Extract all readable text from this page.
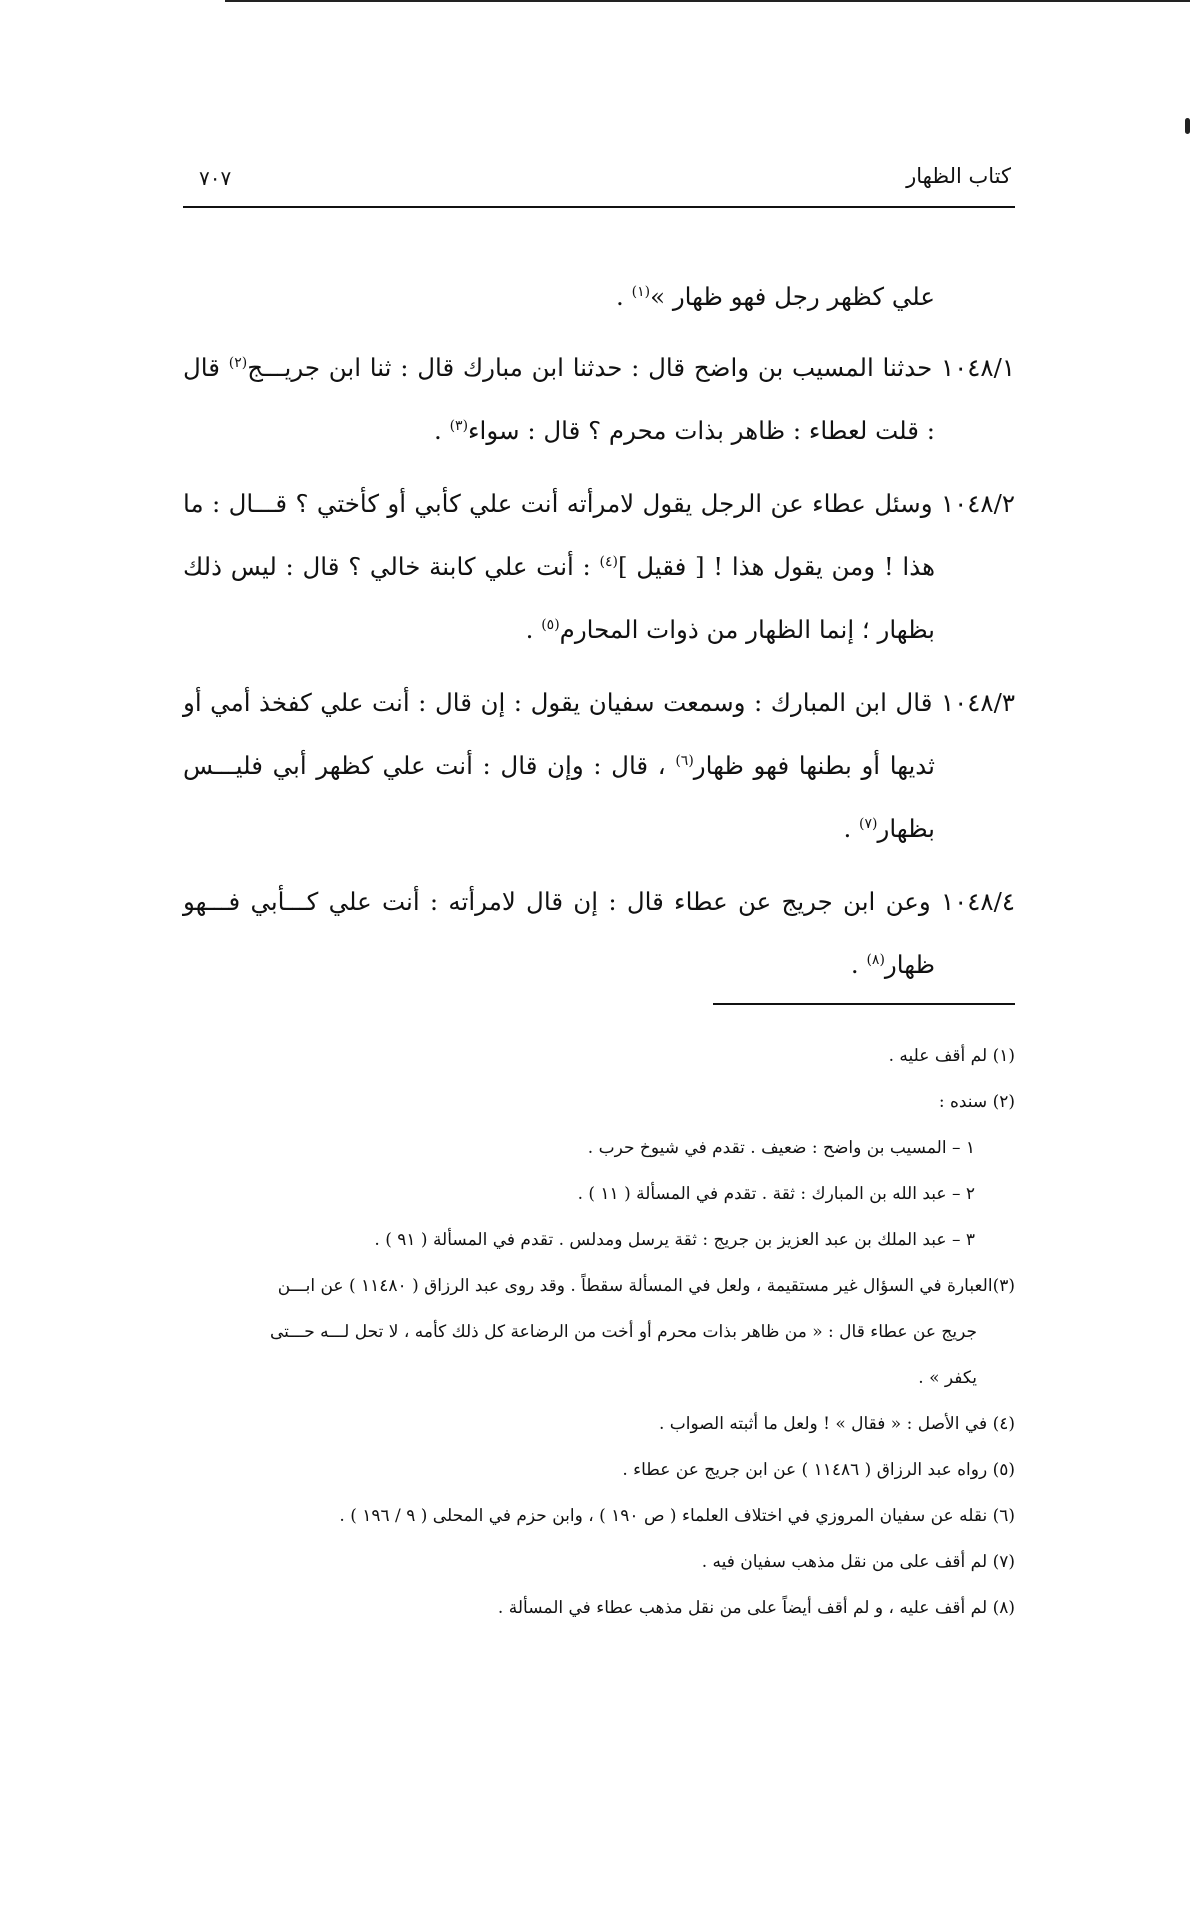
كتاب الظهار
٧٠٧

علي كظهر رجل فهو ظهار »$^{(١)}$ .

١٠٤٨/١ حدثنا المسيب بن واضح قال : حدثنا ابن مبارك قال : ثنا ابن جريـــج$^{(٢)}$ قال : قلت لعطاء : ظاهر بذات محرم ؟ قال : سواء$^{(٣)}$ .

١٠٤٨/٢ وسئل عطاء عن الرجل يقول لامرأته أنت علي كأبي أو كأختي ؟ قـــال : ما هذا ! ومن يقول هذا ! [ فقيل ]$^{(٤)}$ : أنت علي كابنة خالي ؟ قال : ليس ذلك بظهار ؛ إنما الظهار من ذوات المحارم$^{(٥)}$ .

١٠٤٨/٣ قال ابن المبارك : وسمعت سفيان يقول : إن قال : أنت علي كفخذ أمي أو ثديها أو بطنها فهو ظهار$^{(٦)}$ ، قال : وإن قال : أنت علي كظهر أبي فليـــس بظهار$^{(٧)}$ .

١٠٤٨/٤ وعن ابن جريج عن عطاء قال : إن قال لامرأته : أنت علي كـــأبي فـــهو ظهار$^{(٨)}$ .

(١) لم أقف عليه .

(٢) سنده :

١ – المسيب بن واضح : ضعيف . تقدم في شيوخ حرب .

٢ – عبد الله بن المبارك : ثقة . تقدم في المسألة ( ١١ ) .

٣ – عبد الملك بن عبد العزيز بن جريج : ثقة يرسل ومدلس . تقدم في المسألة ( ٩١ ) .

(٣)العبارة في السؤال غير مستقيمة ، ولعل في المسألة سقطاً . وقد روى عبد الرزاق ( ١١٤٨٠ ) عن ابـــن
جريج عن عطاء قال : « من ظاهر بذات محرم أو أخت من الرضاعة كل ذلك كأمه ، لا تحل لـــه حـــتى
يكفر » .

(٤) في الأصل : « فقال » ! ولعل ما أثبته الصواب .

(٥) رواه عبد الرزاق ( ١١٤٨٦ ) عن ابن جريج عن عطاء .

(٦) نقله عن سفيان المروزي في اختلاف العلماء ( ص ١٩٠ ) ، وابن حزم في المحلى ( ٩ / ١٩٦ ) .

(٧) لم أقف على من نقل مذهب سفيان فيه .

(٨) لم أقف عليه ، و لم أقف أيضاً على من نقل مذهب عطاء في المسألة .
